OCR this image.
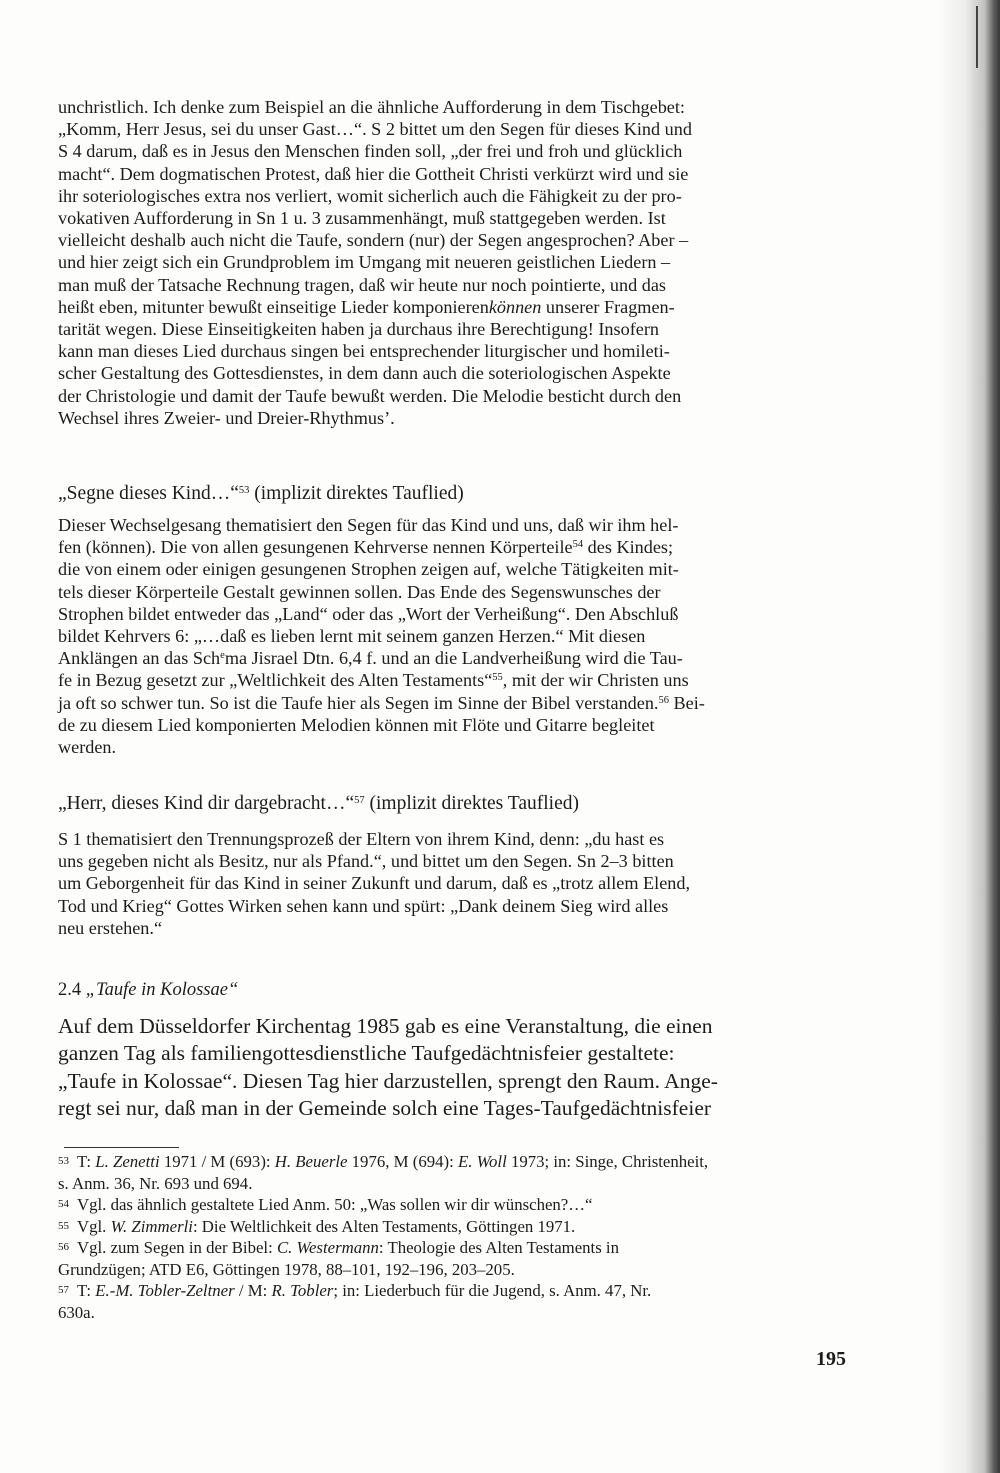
unchristlich. Ich denke zum Beispiel an die ähnliche Aufforderung in dem Tischgebet:
„Komm, Herr Jesus, sei du unser Gast…“. S 2 bittet um den Segen für dieses Kind und
S 4 darum, daß es in Jesus den Menschen finden soll, „der frei und froh und glücklich
macht“. Dem dogmatischen Protest, daß hier die Gottheit Christi verkürzt wird und sie
ihr soteriologisches extra nos verliert, womit sicherlich auch die Fähigkeit zu der pro-
vokativen Aufforderung in Sn 1 u. 3 zusammenhängt, muß stattgegeben werden. Ist
vielleicht deshalb auch nicht die Taufe, sondern (nur) der Segen angesprochen? Aber –
und hier zeigt sich ein Grundproblem im Umgang mit neueren geistlichen Liedern –
man muß der Tatsache Rechnung tragen, daß wir heute nur noch pointierte, und das
heißt eben, mitunter bewußt einseitige Lieder komponierenkönnen unserer Fragmen-
tarität wegen. Diese Einseitigkeiten haben ja durchaus ihre Berechtigung! Insofern
kann man dieses Lied durchaus singen bei entsprechender liturgischer und homileti-
scher Gestaltung des Gottesdienstes, in dem dann auch die soteriologischen Aspekte
der Christologie und damit der Taufe bewußt werden. Die Melodie besticht durch den
Wechsel ihres Zweier- und Dreier-Rhythmus’.

„Segne dieses Kind…“$^{53}$ (implizit direktes Tauflied)

Dieser Wechselgesang thematisiert den Segen für das Kind und uns, daß wir ihm hel-
fen (können). Die von allen gesungenen Kehrverse nennen Körperteile$^{54}$ des Kindes;
die von einem oder einigen gesungenen Strophen zeigen auf, welche Tätigkeiten mit-
tels dieser Körperteile Gestalt gewinnen sollen. Das Ende des Segenswunsches der
Strophen bildet entweder das „Land“ oder das „Wort der Verheißung“. Den Abschluß
bildet Kehrvers 6: „…daß es lieben lernt mit seinem ganzen Herzen.“ Mit diesen
Anklängen an das Sch$^e$ma Jisrael Dtn. 6,4 f. und an die Landverheißung wird die Tau-
fe in Bezug gesetzt zur „Weltlichkeit des Alten Testaments“$^{55}$, mit der wir Christen uns
ja oft so schwer tun. So ist die Taufe hier als Segen im Sinne der Bibel verstanden.$^{56}$ Bei-
de zu diesem Lied komponierten Melodien können mit Flöte und Gitarre begleitet
werden.

„Herr, dieses Kind dir dargebracht…“$^{57}$ (implizit direktes Tauflied)

S 1 thematisiert den Trennungsprozeß der Eltern von ihrem Kind, denn: „du hast es
uns gegeben nicht als Besitz, nur als Pfand.“, und bittet um den Segen. Sn 2–3 bitten
um Geborgenheit für das Kind in seiner Zukunft und darum, daß es „trotz allem Elend,
Tod und Krieg“ Gottes Wirken sehen kann und spürt: „Dank deinem Sieg wird alles
neu erstehen.“

2.4 „Taufe in Kolossae“

Auf dem Düsseldorfer Kirchentag 1985 gab es eine Veranstaltung, die einen
ganzen Tag als familiengottesdienstliche Taufgedächtnisfeier gestaltete:
„Taufe in Kolossae“. Diesen Tag hier darzustellen, sprengt den Raum. Ange-
regt sei nur, daß man in der Gemeinde solch eine Tages-Taufgedächtnisfeier

53 T: L. Zenetti 1971 / M (693): H. Beuerle 1976, M (694): E. Woll 1973; in: Singe, Christenheit,
s. Anm. 36, Nr. 693 und 694.

54 Vgl. das ähnlich gestaltete Lied Anm. 50: „Was sollen wir dir wünschen?…“

55 Vgl. W. Zimmerli: Die Weltlichkeit des Alten Testaments, Göttingen 1971.

56 Vgl. zum Segen in der Bibel: C. Westermann: Theologie des Alten Testaments in
Grundzügen; ATD E6, Göttingen 1978, 88–101, 192–196, 203–205.

57 T: E.-M. Tobler-Zeltner / M: R. Tobler; in: Liederbuch für die Jugend, s. Anm. 47, Nr.
630a.

195
